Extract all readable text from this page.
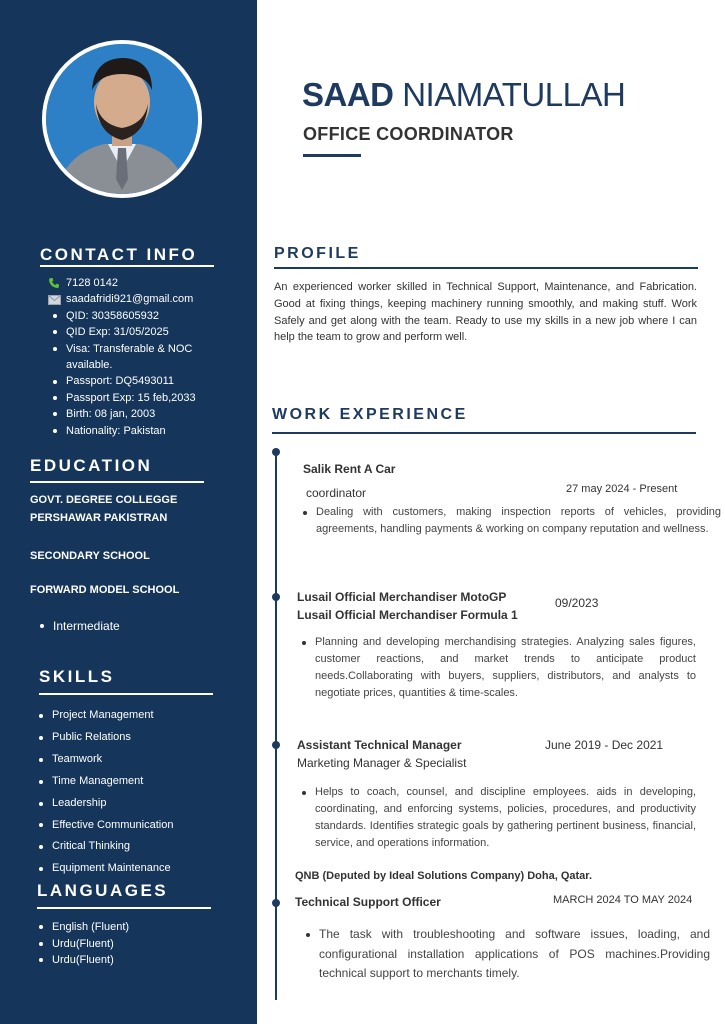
CONTACT INFO
7128 0142
saadafridi921@gmail.com
QID: 30358605932
QID Exp: 31/05/2025
Visa: Transferable & NOC
available.
Passport: DQ5493011
Passport Exp: 15 feb,2033
Birth: 08 jan, 2003
Nationality: Pakistan
EDUCATION
GOVT. DEGREE COLLEGGE
PERSHAWAR PAKISTRAN
SECONDARY SCHOOL
FORWARD MODEL SCHOOL
Intermediate
SKILLS
Project Management
Public Relations
Teamwork
Time Management
Leadership
Effective Communication
Critical Thinking
Equipment Maintenance
LANGUAGES
English (Fluent)
Urdu(Fluent)
Urdu(Fluent)
SAAD NIAMATULLAH
OFFICE COORDINATOR
PROFILE
An experienced worker skilled in Technical Support, Maintenance, and Fabrication. Good at fixing things, keeping machinery running smoothly, and making stuff. Work Safely and get along with the team. Ready to use my skills in a new job where I can help the team to grow and perform well.
WORK EXPERIENCE
Salik Rent A Car
coordinator	27 may 2024 - Present
Dealing with customers, making inspection reports of vehicles, providing agreements, handling payments & working on company reputation and wellness.
Lusail Official Merchandiser MotoGP
Lusail Official Merchandiser Formula 1
09/2023
Planning and developing merchandising strategies. Analyzing sales figures, customer reactions, and market trends to anticipate product needs.Collaborating with buyers, suppliers, distributors, and analysts to negotiate prices, quantities & time-scales.
Assistant Technical Manager
Marketing Manager & Specialist
June 2019 - Dec 2021
Helps to coach, counsel, and discipline employees. aids in developing, coordinating, and enforcing systems, policies, procedures, and productivity standards. Identifies strategic goals by gathering pertinent business, financial, service, and operations information.
QNB (Deputed by Ideal Solutions Company) Doha, Qatar.
Technical Support Officer	MARCH 2024 TO MAY 2024
The task with troubleshooting and software issues, loading, and configurational installation applications of POS machines.Providing technical support to merchants timely.
